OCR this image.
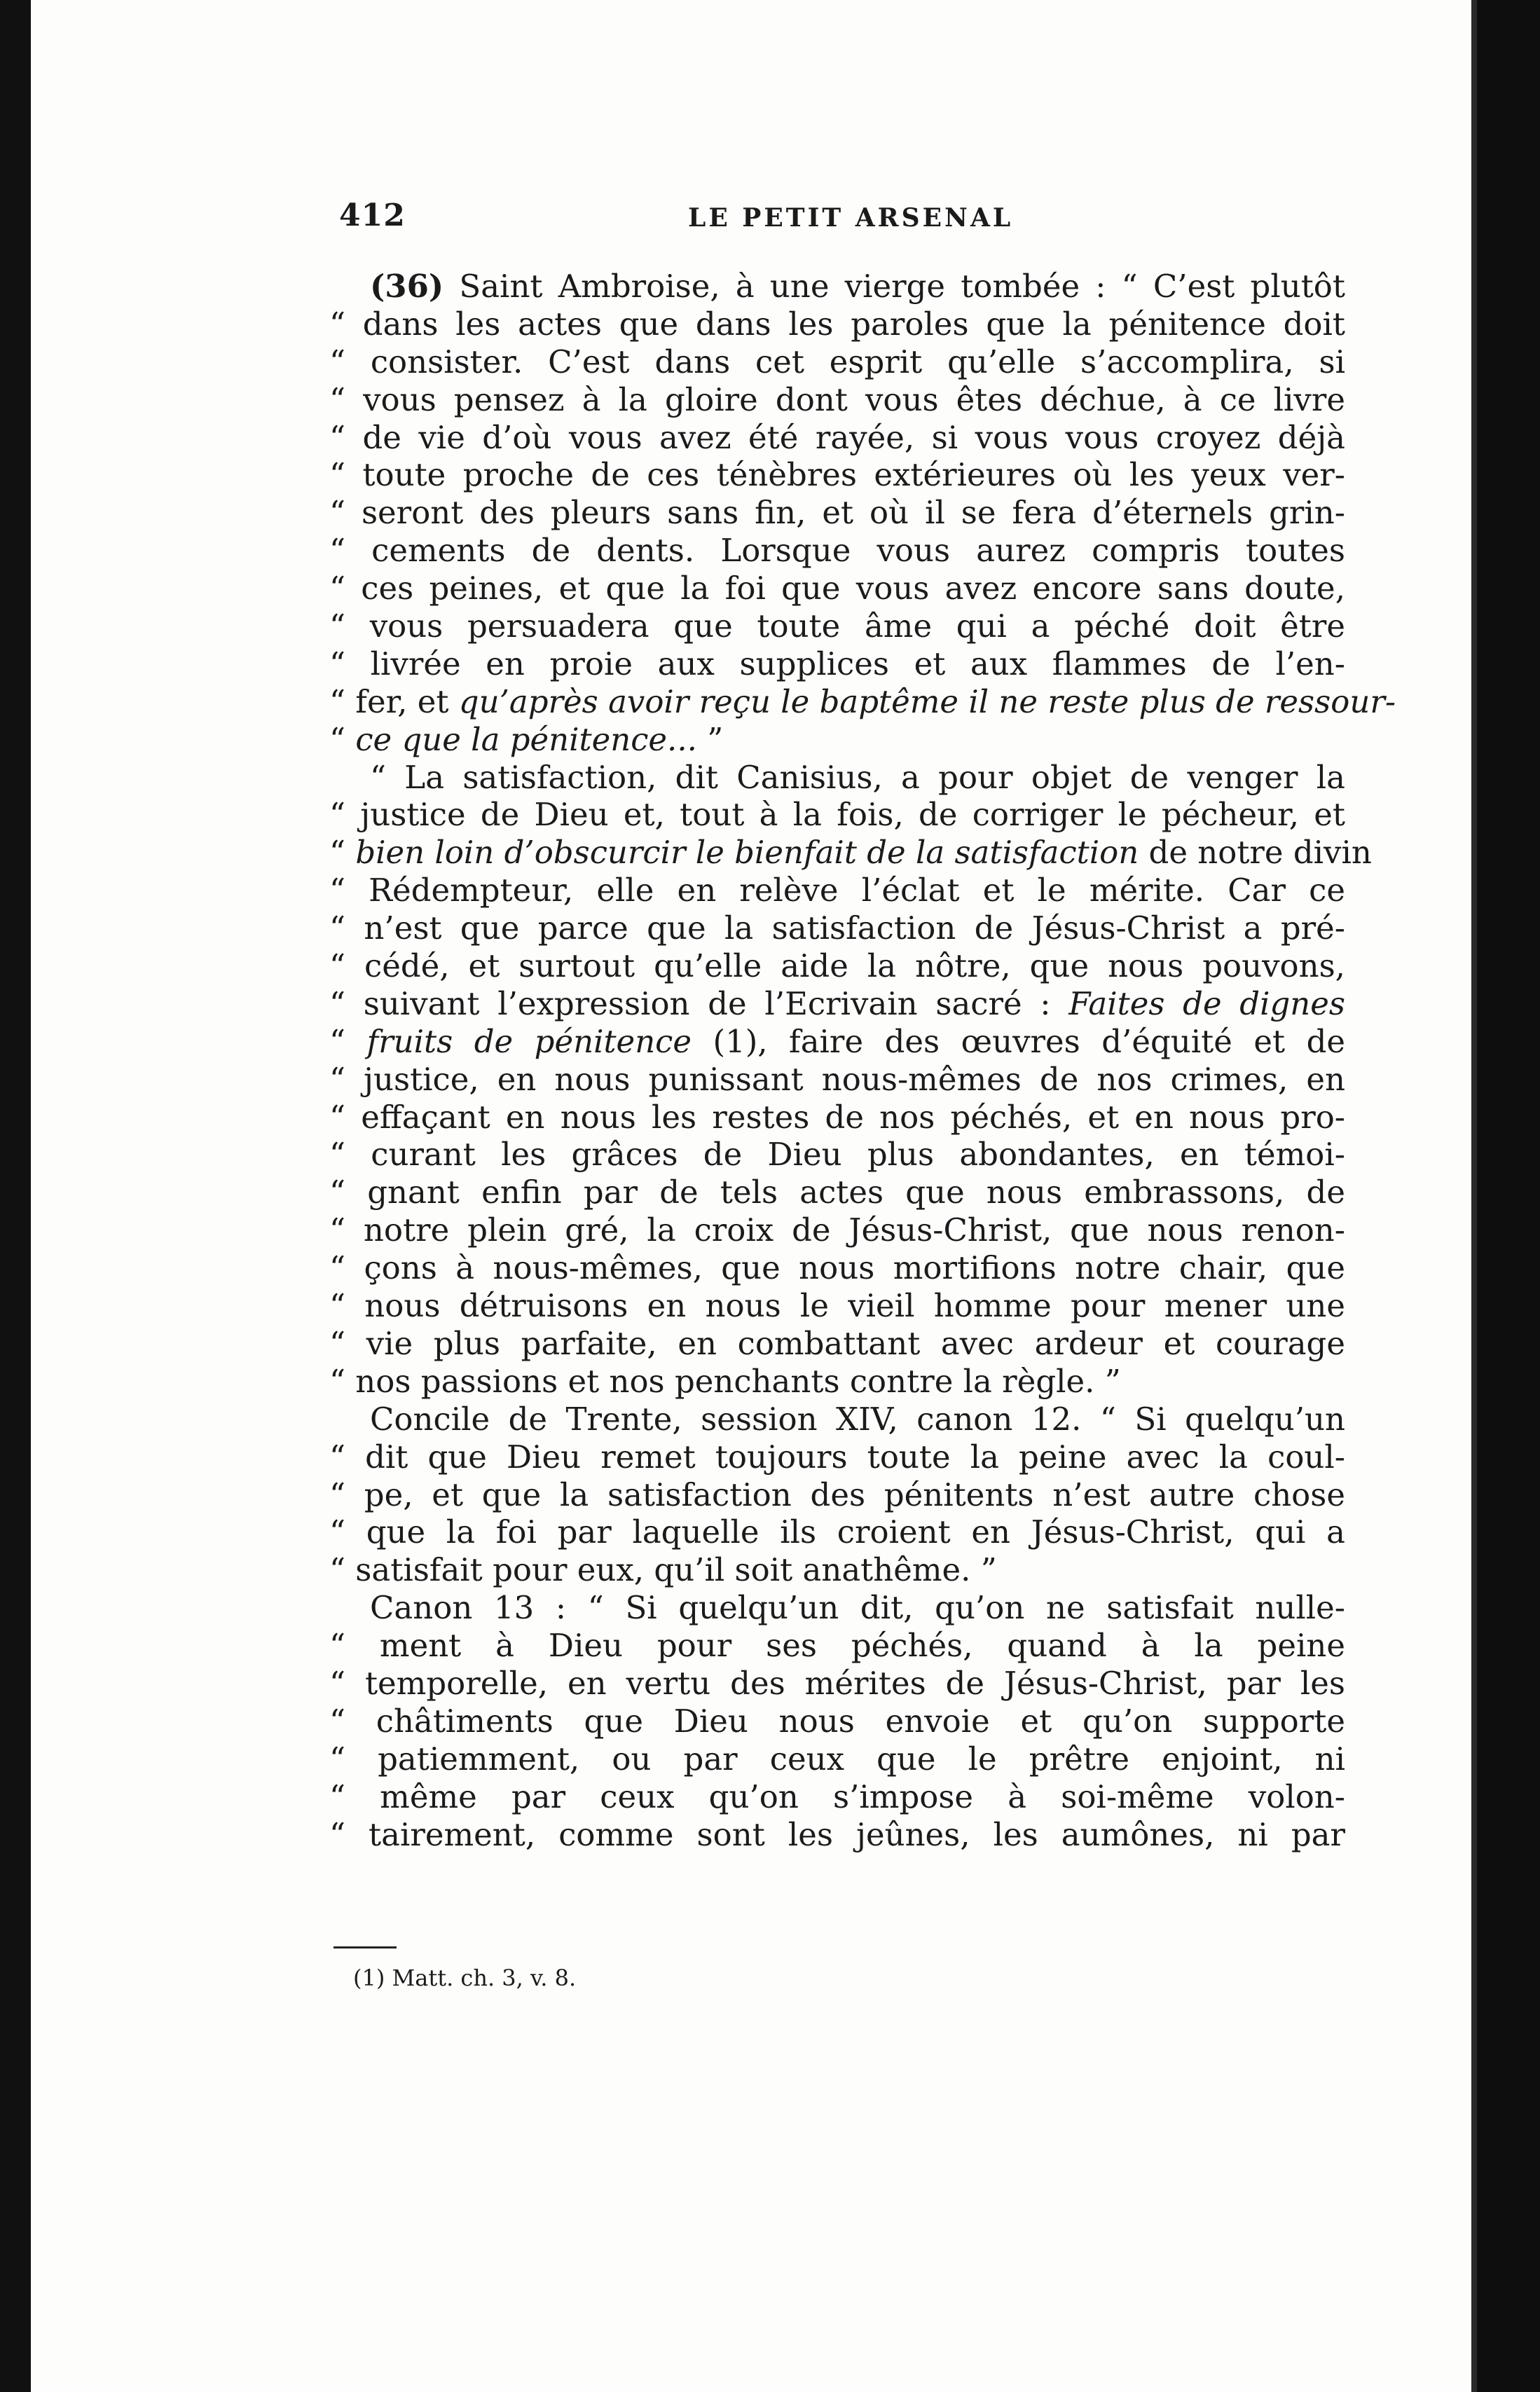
412	LE PETIT ARSENAL
(36) Saint Ambroise, à une vierge tombée : “ C’est plutôt
“ dans les actes que dans les paroles que la pénitence doit
“ consister. C’est dans cet esprit qu’elle s’accomplira, si
“ vous pensez à la gloire dont vous êtes déchue, à ce livre
“ de vie d’où vous avez été rayée, si vous vous croyez déjà
“ toute proche de ces ténèbres extérieures où les yeux ver-
“ seront des pleurs sans fin, et où il se fera d’éternels grin-
“ cements de dents. Lorsque vous aurez compris toutes
“ ces peines, et que la foi que vous avez encore sans doute,
“ vous persuadera que toute âme qui a péché doit être
“ livrée en proie aux supplices et aux flammes de l’en-
“ fer, et qu’après avoir reçu le baptême il ne reste plus de ressour-
“ ce que la pénitence... ”
“ La satisfaction, dit Canisius, a pour objet de venger la
“ justice de Dieu et, tout à la fois, de corriger le pécheur, et
“ bien loin d’obscurcir le bienfait de la satisfaction de notre divin
“ Rédempteur, elle en relève l’éclat et le mérite. Car ce
“ n’est que parce que la satisfaction de Jésus-Christ a pré-
“ cédé, et surtout qu’elle aide la nôtre, que nous pouvons,
“ suivant l’expression de l’Ecrivain sacré : Faites de dignes
“ fruits de pénitence (1), faire des œuvres d’équité et de
“ justice, en nous punissant nous-mêmes de nos crimes, en
“ effaçant en nous les restes de nos péchés, et en nous pro-
“ curant les grâces de Dieu plus abondantes, en témoi-
“ gnant enfin par de tels actes que nous embrassons, de
“ notre plein gré, la croix de Jésus-Christ, que nous renon-
“ çons à nous-mêmes, que nous mortifions notre chair, que
“ nous détruisons en nous le vieil homme pour mener une
“ vie plus parfaite, en combattant avec ardeur et courage
“ nos passions et nos penchants contre la règle. ”
Concile de Trente, session XIV, canon 12. “ Si quelqu’un
“ dit que Dieu remet toujours toute la peine avec la coul-
“ pe, et que la satisfaction des pénitents n’est autre chose
“ que la foi par laquelle ils croient en Jésus-Christ, qui a
“ satisfait pour eux, qu’il soit anathême. ”
Canon 13 : “ Si quelqu’un dit, qu’on ne satisfait nulle-
“ ment à Dieu pour ses péchés, quand à la peine
“ temporelle, en vertu des mérites de Jésus-Christ, par les
“ châtiments que Dieu nous envoie et qu’on supporte
“ patiemment, ou par ceux que le prêtre enjoint, ni
“ même par ceux qu’on s’impose à soi-même volon-
“ tairement, comme sont les jeûnes, les aumônes, ni par
(1) Matt. ch. 3, v. 8.
